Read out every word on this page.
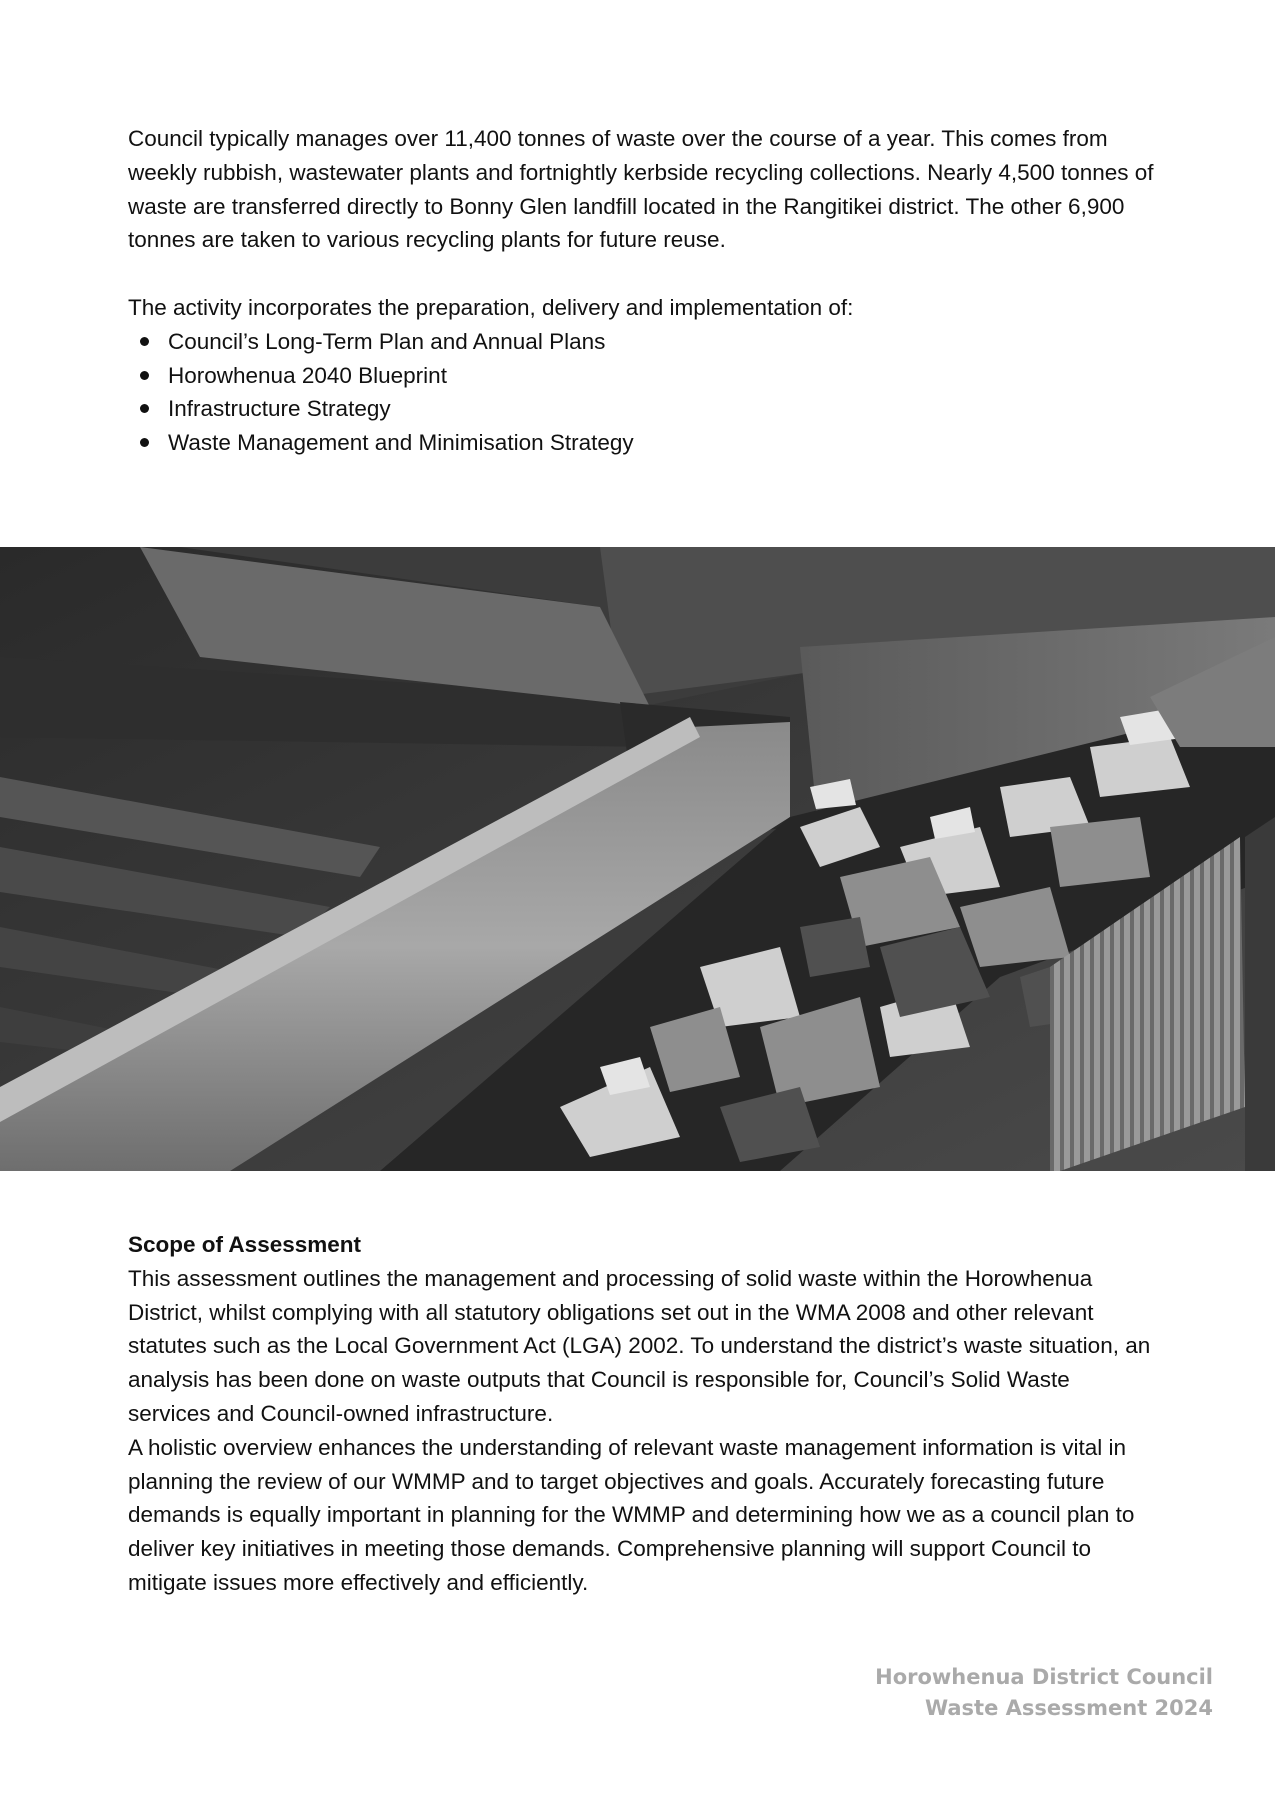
Council typically manages over 11,400 tonnes of waste over the course of a year. This comes from weekly rubbish, wastewater plants and fortnightly kerbside recycling collections. Nearly 4,500 tonnes of waste are transferred directly to Bonny Glen landfill located in the Rangitikei district. The other 6,900 tonnes are taken to various recycling plants for future reuse.

The activity incorporates the preparation, delivery and implementation of:

Council’s Long-Term Plan and Annual Plans
Horowhenua 2040 Blueprint
Infrastructure Strategy
Waste Management and Minimisation Strategy
Scope of Assessment

This assessment outlines the management and processing of solid waste within the Horowhenua District, whilst complying with all statutory obligations set out in the WMA 2008 and other relevant statutes such as the Local Government Act (LGA) 2002. To understand the district’s waste situation, an analysis has been done on waste outputs that Council is responsible for, Council’s Solid Waste services and Council-owned infrastructure.

A holistic overview enhances the understanding of relevant waste management information is vital in planning the review of our WMMP and to target objectives and goals. Accurately forecasting future demands is equally important in planning for the WMMP and determining how we as a council plan to deliver key initiatives in meeting those demands. Comprehensive planning will support Council to mitigate issues more effectively and efficiently.

Horowhenua District Council
Waste Assessment 2024
